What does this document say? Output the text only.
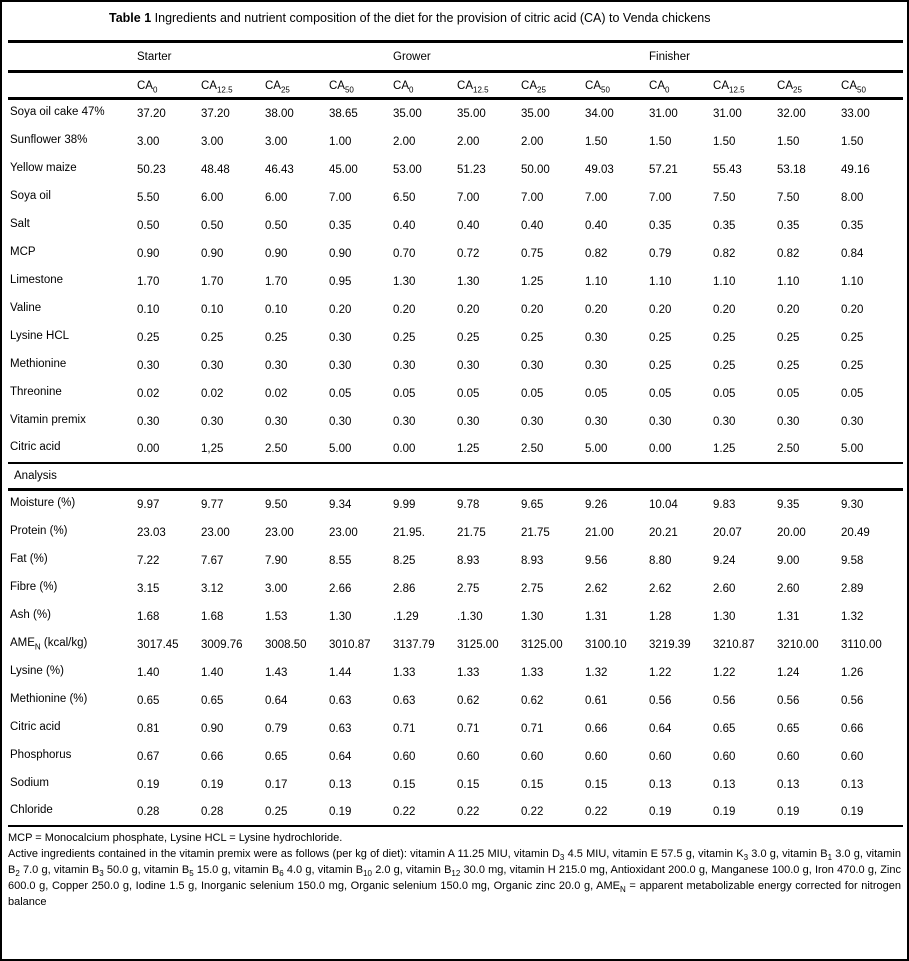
Table 1 Ingredients and nutrient composition of the diet for the provision of citric acid (CA) to Venda chickens
	Starter				Grower				Finisher			
	$CA_0$	$CA_{12.5}$	$CA_{25}$	$CA_{50}$	$CA_0$	$CA_{12.5}$	$CA_{25}$	$CA_{50}$	$CA_0$	$CA_{12.5}$	$CA_{25}$	$CA_{50}$
Soya oil cake 47%	37.20	37.20	38.00	38.65	35.00	35.00	35.00	34.00	31.00	31.00	32.00	33.00
Sunflower 38%	3.00	3.00	3.00	1.00	2.00	2.00	2.00	1.50	1.50	1.50	1.50	1.50
Yellow maize	50.23	48.48	46.43	45.00	53.00	51.23	50.00	49.03	57.21	55.43	53.18	49.16
Soya oil	5.50	6.00	6.00	7.00	6.50	7.00	7.00	7.00	7.00	7.50	7.50	8.00
Salt	0.50	0.50	0.50	0.35	0.40	0.40	0.40	0.40	0.35	0.35	0.35	0.35
MCP	0.90	0.90	0.90	0.90	0.70	0.72	0.75	0.82	0.79	0.82	0.82	0.84
Limestone	1.70	1.70	1.70	0.95	1.30	1.30	1.25	1.10	1.10	1.10	1.10	1.10
Valine	0.10	0.10	0.10	0.20	0.20	0.20	0.20	0.20	0.20	0.20	0.20	0.20
Lysine HCL	0.25	0.25	0.25	0.30	0.25	0.25	0.25	0.30	0.25	0.25	0.25	0.25
Methionine	0.30	0.30	0.30	0.30	0.30	0.30	0.30	0.30	0.25	0.25	0.25	0.25
Threonine	0.02	0.02	0.02	0.05	0.05	0.05	0.05	0.05	0.05	0.05	0.05	0.05
Vitamin premix	0.30	0.30	0.30	0.30	0.30	0.30	0.30	0.30	0.30	0.30	0.30	0.30
Citric acid	0.00	1,25	2.50	5.00	0.00	1.25	2.50	5.00	0.00	1.25	2.50	5.00
Analysis												
Moisture (%)	9.97	9.77	9.50	9.34	9.99	9.78	9.65	9.26	10.04	9.83	9.35	9.30
Protein (%)	23.03	23.00	23.00	23.00	21.95.	21.75	21.75	21.00	20.21	20.07	20.00	20.49
Fat (%)	7.22	7.67	7.90	8.55	8.25	8.93	8.93	9.56	8.80	9.24	9.00	9.58
Fibre (%)	3.15	3.12	3.00	2.66	2.86	2.75	2.75	2.62	2.62	2.60	2.60	2.89
Ash (%)	1.68	1.68	1.53	1.30	.1.29	.1.30	1.30	1.31	1.28	1.30	1.31	1.32
$AME_N$ (kcal/kg)	3017.45	3009.76	3008.50	3010.87	3137.79	3125.00	3125.00	3100.10	3219.39	3210.87	3210.00	3110.00
Lysine (%)	1.40	1.40	1.43	1.44	1.33	1.33	1.33	1.32	1.22	1.22	1.24	1.26
Methionine (%)	0.65	0.65	0.64	0.63	0.63	0.62	0.62	0.61	0.56	0.56	0.56	0.56
Citric acid	0.81	0.90	0.79	0.63	0.71	0.71	0.71	0.66	0.64	0.65	0.65	0.66
Phosphorus	0.67	0.66	0.65	0.64	0.60	0.60	0.60	0.60	0.60	0.60	0.60	0.60
Sodium	0.19	0.19	0.17	0.13	0.15	0.15	0.15	0.15	0.13	0.13	0.13	0.13
Chloride	0.28	0.28	0.25	0.19	0.22	0.22	0.22	0.22	0.19	0.19	0.19	0.19

MCP = Monocalcium phosphate, Lysine HCL = Lysine hydrochloride.

Active ingredients contained in the vitamin premix were as follows (per kg of diet): vitamin A 11.25 MIU, vitamin $D_3$ 4.5 MIU, vitamin E 57.5 g, vitamin $K_3$ 3.0 g, vitamin $B_1$ 3.0 g, vitamin $B_2$ 7.0 g, vitamin $B_3$ 50.0 g, vitamin $B_5$ 15.0 g, vitamin $B_6$ 4.0 g, vitamin $B_{10}$ 2.0 g, vitamin $B_{12}$ 30.0 mg, vitamin H 215.0 mg, Antioxidant 200.0 g, Manganese 100.0 g, Iron 470.0 g, Zinc 600.0 g, Copper 250.0 g, Iodine 1.5 g, Inorganic selenium 150.0 mg, Organic selenium 150.0 mg, Organic zinc 20.0 g, $AME_N$ = apparent metabolizable energy corrected for nitrogen balance
